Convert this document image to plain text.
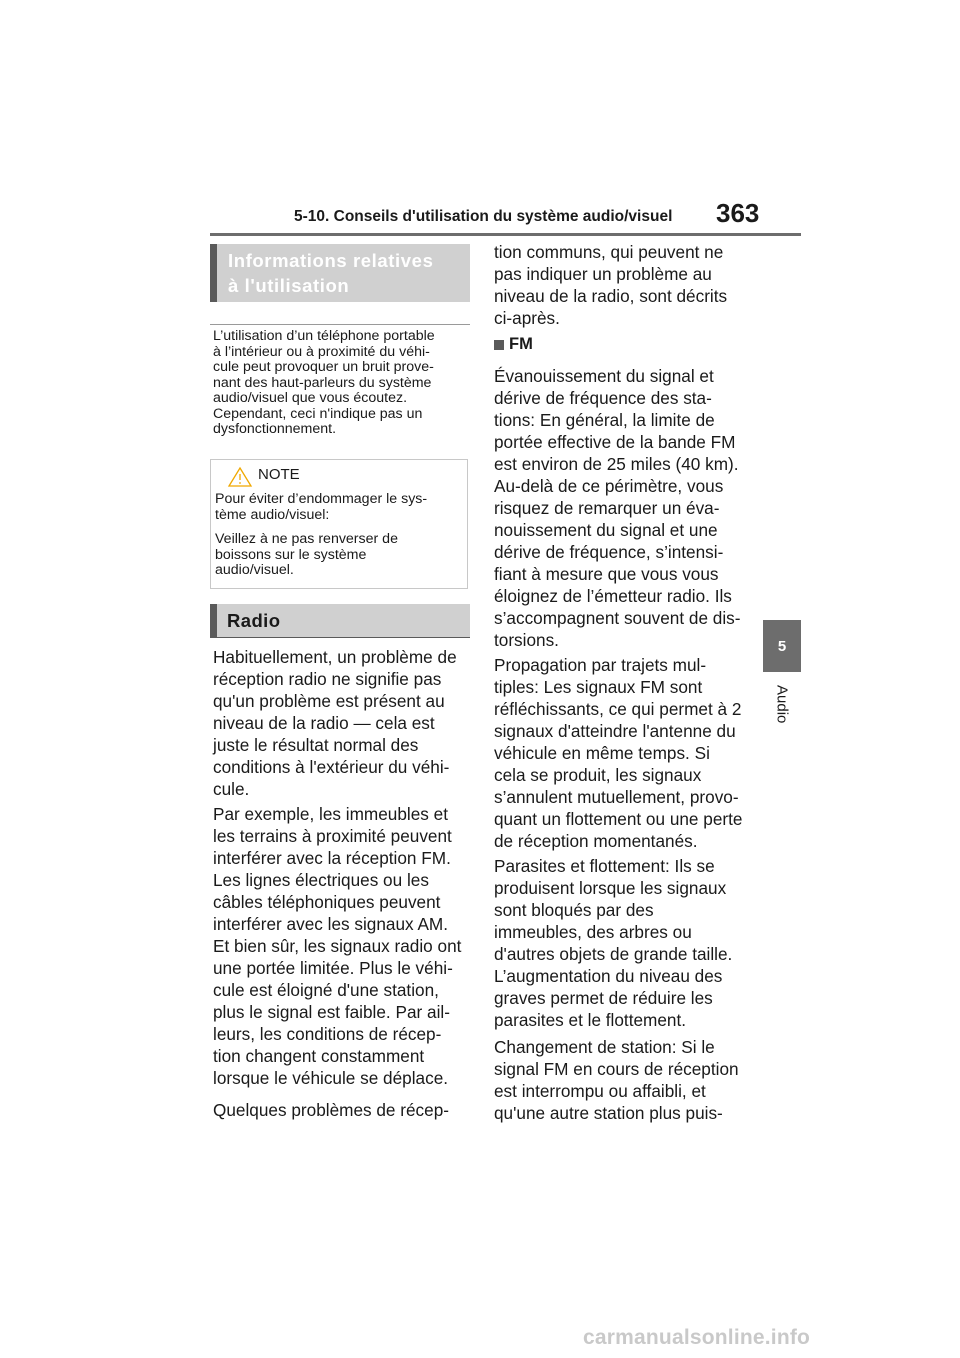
5-10. Conseils d'utilisation du système audio/visuel 363
5
Audio
Informations relatives
à l'utilisation
L’utilisation d’un téléphone portable
à l’intérieur ou à proximité du véhi-
cule peut provoquer un bruit prove-
nant des haut-parleurs du système
audio/visuel que vous écoutez.
Cependant, ceci n'indique pas un
dysfonctionnement.
NOTE
Pour éviter d’endommager le sys-
tème audio/visuel:
Veillez à ne pas renverser de
boissons sur le système
audio/visuel.
Radio
Habituellement, un problème de
réception radio ne signifie pas
qu'un problème est présent au
niveau de la radio — cela est
juste le résultat normal des
conditions à l'extérieur du véhi-
cule.
Par exemple, les immeubles et
les terrains à proximité peuvent
interférer avec la réception FM.
Les lignes électriques ou les
câbles téléphoniques peuvent
interférer avec les signaux AM.
Et bien sûr, les signaux radio ont
une portée limitée. Plus le véhi-
cule est éloigné d'une station,
plus le signal est faible. Par ail-
leurs, les conditions de récep-
tion changent constamment
lorsque le véhicule se déplace.
Quelques problèmes de récep-
tion communs, qui peuvent ne
pas indiquer un problème au
niveau de la radio, sont décrits
ci-après.
FM
Évanouissement du signal et
dérive de fréquence des sta-
tions: En général, la limite de
portée effective de la bande FM
est environ de 25 miles (40 km).
Au-delà de ce périmètre, vous
risquez de remarquer un éva-
nouissement du signal et une
dérive de fréquence, s’intensi-
fiant à mesure que vous vous
éloignez de l’émetteur radio. Ils
s’accompagnent souvent de dis-
torsions.
Propagation par trajets mul-
tiples: Les signaux FM sont
réfléchissants, ce qui permet à 2
signaux d'atteindre l'antenne du
véhicule en même temps. Si
cela se produit, les signaux
s’annulent mutuellement, provo-
quant un flottement ou une perte
de réception momentanés.
Parasites et flottement: Ils se
produisent lorsque les signaux
sont bloqués par des
immeubles, des arbres ou
d'autres objets de grande taille.
L’augmentation du niveau des
graves permet de réduire les
parasites et le flottement.
Changement de station: Si le
signal FM en cours de réception
est interrompu ou affaibli, et
qu'une autre station plus puis-
carmanualsonline.info
